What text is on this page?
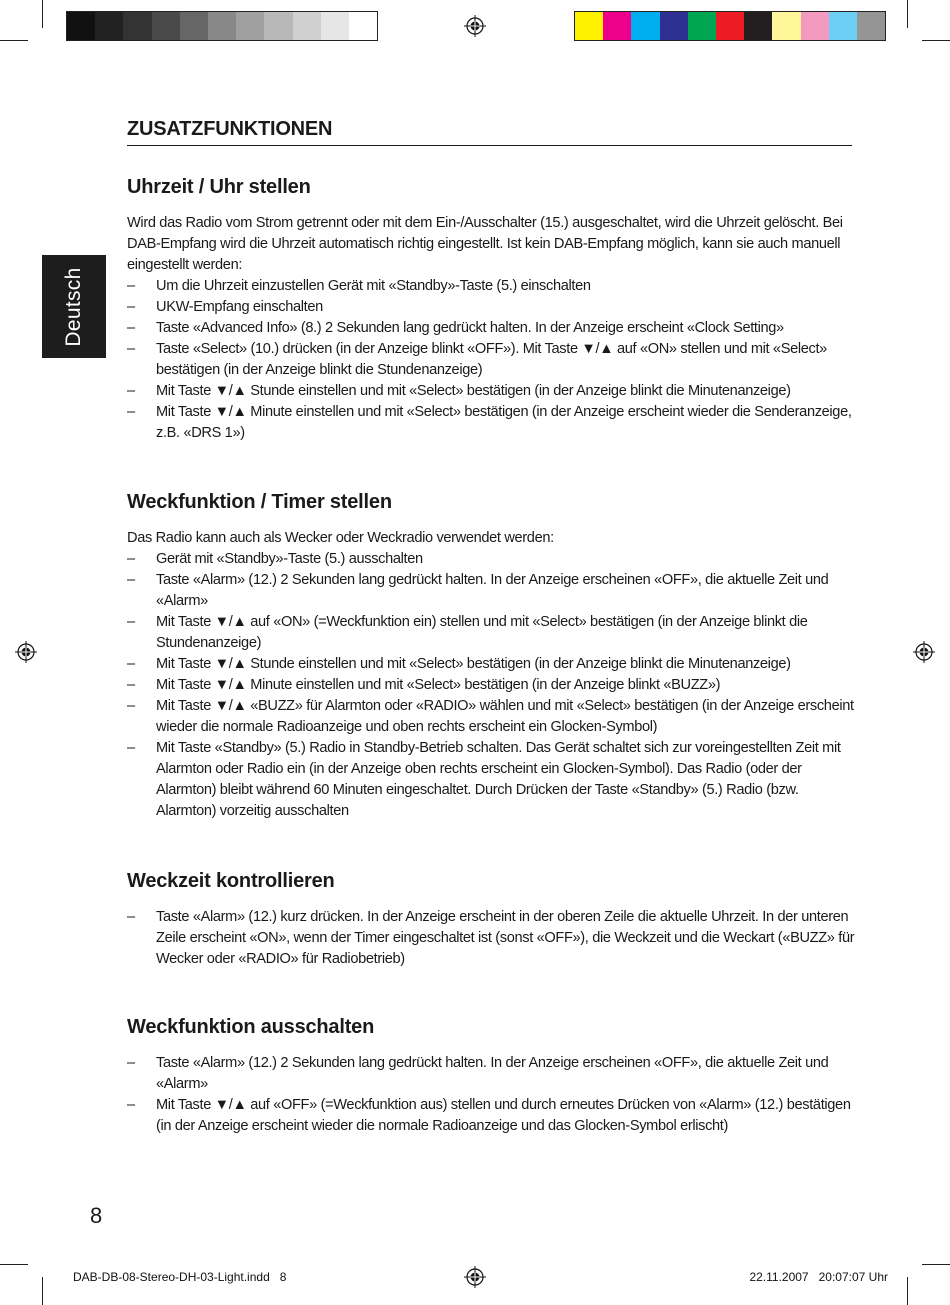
Deutsch
ZUSATZFUNKTIONEN
Uhrzeit / Uhr stellen

Wird das Radio vom Strom getrennt oder mit dem Ein-/Ausschalter (15.) ausgeschaltet, wird die Uhrzeit gelöscht. Bei DAB-Empfang wird die Uhrzeit automatisch richtig eingestellt. Ist kein DAB-Empfang möglich, kann sie auch manuell eingestellt werden:

– Um die Uhrzeit einzustellen Gerät mit «Standby»-Taste (5.) einschalten
– UKW-Empfang einschalten
– Taste «Advanced Info» (8.) 2 Sekunden lang gedrückt halten. In der Anzeige erscheint «Clock Setting»
– Taste «Select» (10.) drücken (in der Anzeige blinkt «OFF»). Mit Taste ▼/▲ auf «ON» stellen und mit «Select» bestätigen (in der Anzeige blinkt die Stundenanzeige)
– Mit Taste ▼/▲ Stunde einstellen und mit «Select» bestätigen (in der Anzeige blinkt die Minutenanzeige)
– Mit Taste ▼/▲ Minute einstellen und mit «Select» bestätigen (in der Anzeige erscheint wieder die Senderanzeige, z.B. «DRS 1»)
Weckfunktion / Timer stellen

Das Radio kann auch als Wecker oder Weckradio verwendet werden:

– Gerät mit «Standby»-Taste (5.) ausschalten
– Taste «Alarm» (12.) 2 Sekunden lang gedrückt halten. In der Anzeige erscheinen «OFF», die aktuelle Zeit und «Alarm»
– Mit Taste ▼/▲ auf «ON» (=Weckfunktion ein) stellen und mit «Select» bestätigen (in der Anzeige blinkt die Stundenanzeige)
– Mit Taste ▼/▲ Stunde einstellen und mit «Select» bestätigen (in der Anzeige blinkt die Minutenanzeige)
– Mit Taste ▼/▲ Minute einstellen und mit «Select» bestätigen (in der Anzeige blinkt «BUZZ»)
– Mit Taste ▼/▲ «BUZZ» für Alarmton oder «RADIO» wählen und mit «Select» bestätigen (in der Anzeige erscheint wieder die normale Radioanzeige und oben rechts erscheint ein Glocken-Symbol)
– Mit Taste «Standby» (5.) Radio in Standby-Betrieb schalten. Das Gerät schaltet sich zur voreingestellten Zeit mit Alarmton oder Radio ein (in der Anzeige oben rechts erscheint ein Glocken-Symbol). Das Radio (oder der Alarmton) bleibt während 60 Minuten eingeschaltet. Durch Drücken der Taste «Standby» (5.) Radio (bzw. Alarmton) vorzeitig ausschalten
Weckzeit kontrollieren
– Taste «Alarm» (12.) kurz drücken. In der Anzeige erscheint in der oberen Zeile die aktuelle Uhrzeit. In der unteren Zeile erscheint «ON», wenn der Timer eingeschaltet ist (sonst «OFF»), die Weckzeit und die Weckart («BUZZ» für Wecker oder «RADIO» für Radiobetrieb)
Weckfunktion ausschalten
– Taste «Alarm» (12.) 2 Sekunden lang gedrückt halten. In der Anzeige erscheinen «OFF», die aktuelle Zeit und «Alarm»
– Mit Taste ▼/▲ auf «OFF» (=Weckfunktion aus) stellen und durch erneutes Drücken von «Alarm» (12.) bestätigen (in der Anzeige erscheint wieder die normale Radioanzeige und das Glocken-Symbol erlischt)
8
DAB-DB-08-Stereo-DH-03-Light.indd   8	22.11.2007   20:07:07 Uhr
